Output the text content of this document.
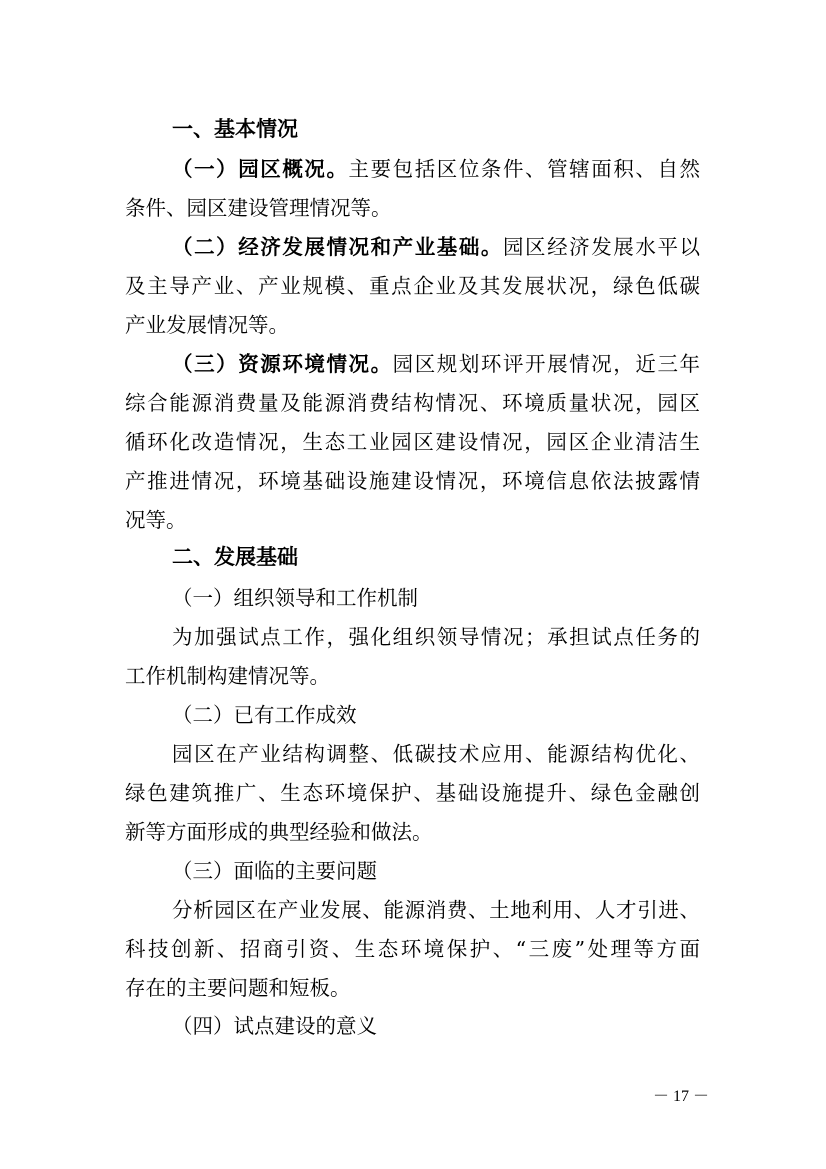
一、基本情况
（一）园区概况。主要包括区位条件、管辖面积、自然
条件、园区建设管理情况等。
（二）经济发展情况和产业基础。园区经济发展水平以
及主导产业、产业规模、重点企业及其发展状况，绿色低碳
产业发展情况等。
（三）资源环境情况。园区规划环评开展情况，近三年
综合能源消费量及能源消费结构情况、环境质量状况，园区
循环化改造情况，生态工业园区建设情况，园区企业清洁生
产推进情况，环境基础设施建设情况，环境信息依法披露情
况等。
二、发展基础
（一）组织领导和工作机制
为加强试点工作，强化组织领导情况；承担试点任务的
工作机制构建情况等。
（二）已有工作成效
园区在产业结构调整、低碳技术应用、能源结构优化、
绿色建筑推广、生态环境保护、基础设施提升、绿色金融创
新等方面形成的典型经验和做法。
（三）面临的主要问题
分析园区在产业发展、能源消费、土地利用、人才引进、
科技创新、招商引资、生态环境保护、“三废”处理等方面
存在的主要问题和短板。
（四）试点建设的意义
－ 17 －
